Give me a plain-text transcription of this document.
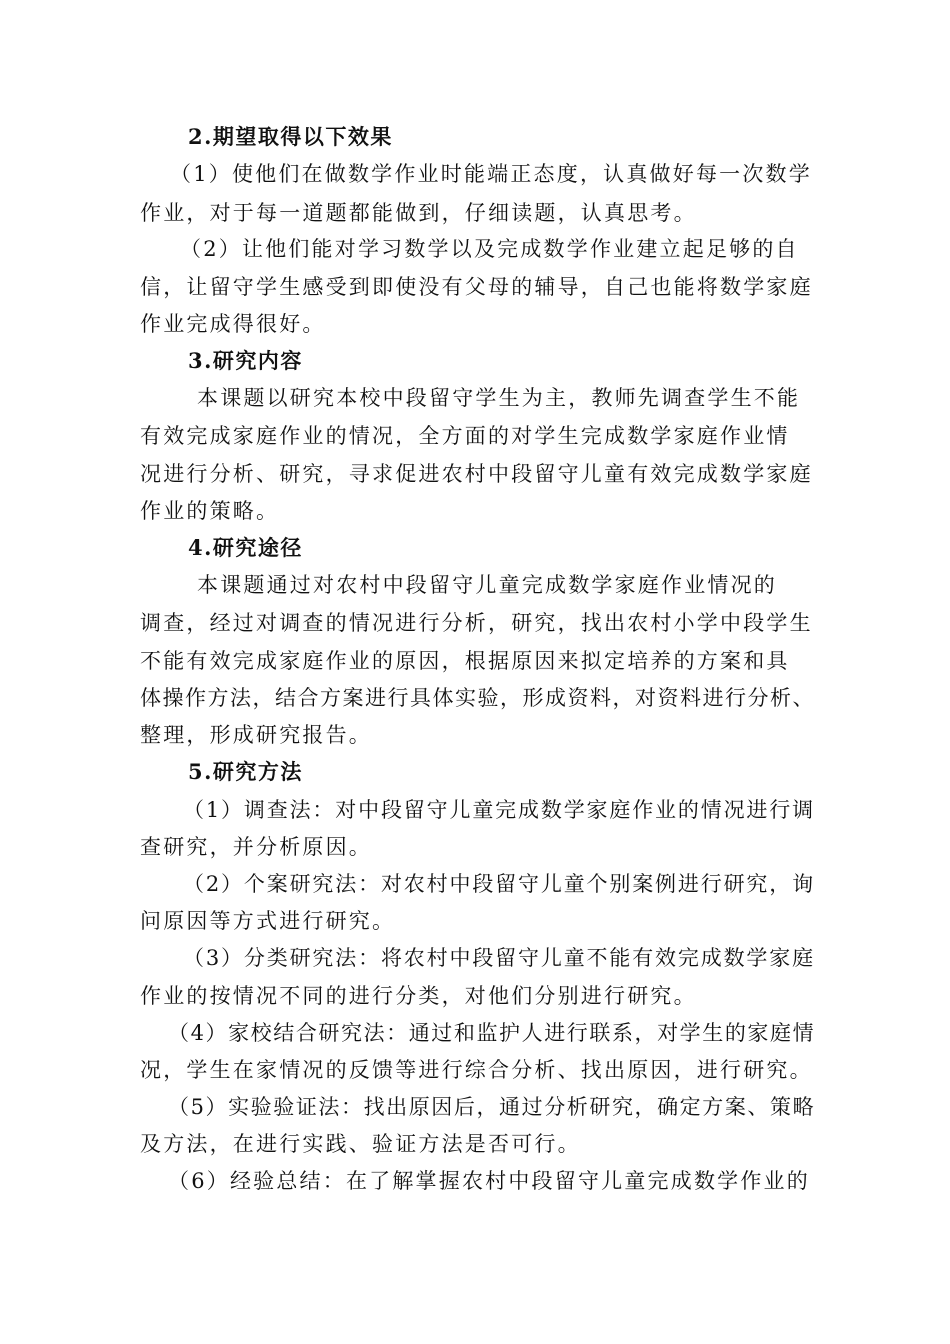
2.期望取得以下效果
（1）使他们在做数学作业时能端正态度，认真做好每一次数学
作业，对于每一道题都能做到，仔细读题，认真思考。
（2）让他们能对学习数学以及完成数学作业建立起足够的自
信，让留守学生感受到即使没有父母的辅导，自己也能将数学家庭
作业完成得很好。
3.研究内容
本课题以研究本校中段留守学生为主，教师先调查学生不能
有效完成家庭作业的情况，全方面的对学生完成数学家庭作业情
况进行分析、研究，寻求促进农村中段留守儿童有效完成数学家庭
作业的策略。
4.研究途径
本课题通过对农村中段留守儿童完成数学家庭作业情况的
调查，经过对调查的情况进行分析，研究，找出农村小学中段学生
不能有效完成家庭作业的原因，根据原因来拟定培养的方案和具
体操作方法，结合方案进行具体实验，形成资料，对资料进行分析、
整理，形成研究报告。
5.研究方法
（1）调查法：对中段留守儿童完成数学家庭作业的情况进行调
查研究，并分析原因。
（2）个案研究法：对农村中段留守儿童个别案例进行研究，询
问原因等方式进行研究。
（3）分类研究法：将农村中段留守儿童不能有效完成数学家庭
作业的按情况不同的进行分类，对他们分别进行研究。
（4）家校结合研究法：通过和监护人进行联系，对学生的家庭情
况，学生在家情况的反馈等进行综合分析、找出原因，进行研究。
（5）实验验证法：找出原因后，通过分析研究，确定方案、策略
及方法，在进行实践、验证方法是否可行。
（6）经验总结：在了解掌握农村中段留守儿童完成数学作业的
